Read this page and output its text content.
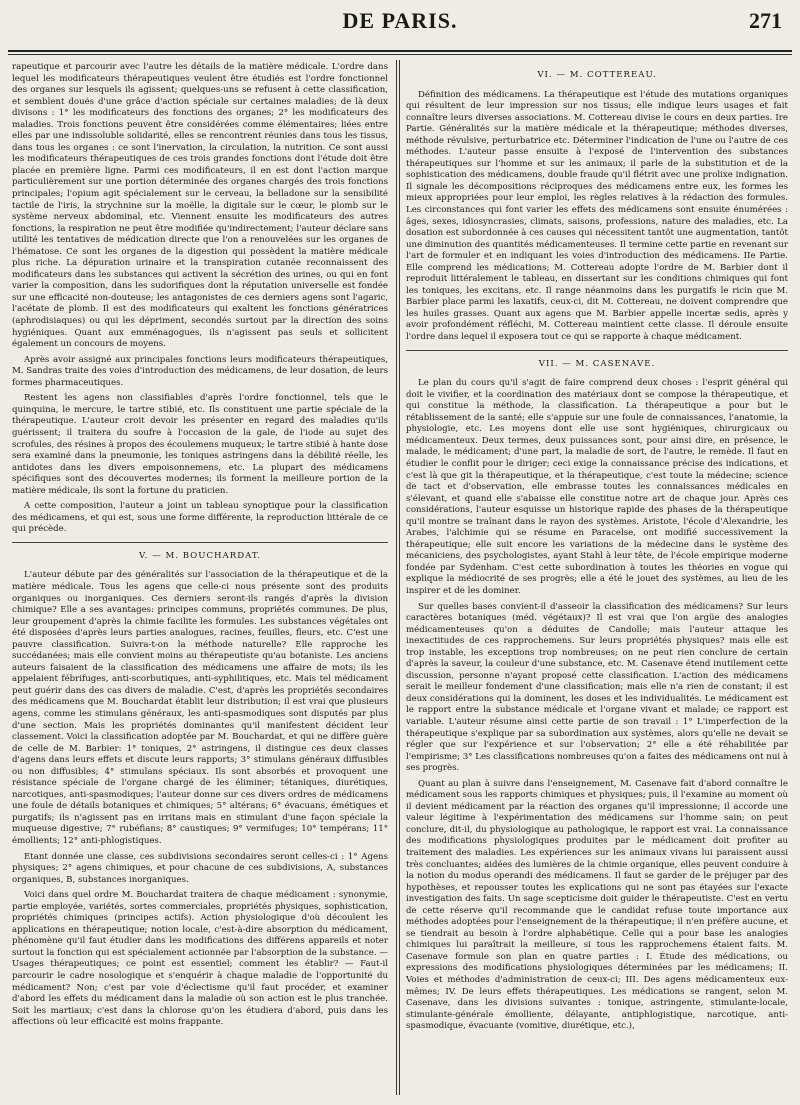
DE PARIS.	271

rapeutique et parcourir avec l'autre les détails de la matière médicale. L'ordre dans lequel les modificateurs thérapeutiques veulent être étudiés est l'ordre fonctionnel des organes sur lesquels ils agissent; quelques-uns se refusent à cette classification, et semblent doués d'une grâce d'action spéciale sur certaines maladies; de là deux divisons : 1° les modificateurs des fonctions des organes; 2° les modificateurs des maladies. Trois fonctions peuvent être considérées comme élémentaires; liées entre elles par une indissoluble solidarité, elles se rencontrent réunies dans tous les tissus, dans tous les organes : ce sont l'inervation, la circulation, la nutrition. Ce sont aussi les modificateurs thérapeutiques de ces trois grandes fonctions dont l'étude doit être placée en première ligne. Parmi ces modificateurs, il en est dont l'action marque particulièrement sur une portion déterminée des organes chargés des trois fonctions principales; l'opium agit spécialement sur le cerveau, la belladone sur la sensibilité tactile de l'iris, la strychnine sur la moëlle, la digitale sur le cœur, le plomb sur le système nerveux abdominal, etc. Viennent ensuite les modificateurs des autres fonctions, la respiration ne peut être modifiée qu'indirectement; l'auteur déclare sans utilité les tentatives de médication directe que l'on a renouvelées sur les organes de l'hématose. Ce sont les organes de la digestion qui possèdent la matière médicale plus riche. La dépuration urinaire et la transpiration cutanée reconnaissent des modificateurs dans les substances qui activent la sécrétion des urines, ou qui en font varier la composition, dans les sudorifiques dont la réputation universelle est fondée sur une efficacité non-douteuse; les antagonistes de ces derniers agens sont l'agaric, l'acétate de plomb. Il est des modificateurs qui exaltent les fonctions génératrices (aphrodisiaques) ou qui les dépriment, secondés surtout par la direction des soins hygiéniques. Quant aux emménagogues, ils n'agissent pas seuls et sollicitent également un concours de moyens.

Après avoir assigné aux principales fonctions leurs modificateurs thérapeutiques, M. Sandras traite des voies d'introduction des médicamens, de leur dosation, de leurs formes pharmaceutiques.

Restent les agens non classifiables d'après l'ordre fonctionnel, tels que le quinquina, le mercure, le tartre stibié, etc. Ils constituent une partie spéciale de la thérapeutique. L'auteur croit devoir les présenter en regard des maladies qu'ils guérissent; il traitera du soufre à l'occasion de la gale, de l'iode au sujet des scrofules, des résines à propos des écoulemens muqueux; le tartre stibié à hante dose sera examiné dans la pneumonie, les toniques astringens dans la débilité réelle, les antidotes dans les divers empoisonnemens, etc. La plupart des médicamens spécifiques sont des découvertes modernes; ils forment la meilleure portion de la matière médicale, ils sont la fortune du praticien.

A cette composition, l'auteur a joint un tableau synoptique pour la classification des médicamens, et qui est, sous une forme différente, la reproduction littérale de ce qui précède.

V. — M. BOUCHARDAT.

L'auteur débute par des généralités sur l'association de la thérapeutique et de la matière médicale. Tous les agens que celle-ci nous présente sont des produits organiques ou inorganiques. Ces derniers seront-ils rangés d'après la division chimique? Elle a ses avantages: principes communs, propriétés communes. De plus, leur groupement d'après la chimie facilite les formules. Les substances végétales ont été disposées d'après leurs parties analogues, racines, feuilles, fleurs, etc. C'est une pauvre classification. Suivra-t-on la méthode naturelle? Elle rapproche les succédanées; mais elle convient moins au thérapeutiste qu'au botaniste. Les anciens auteurs faisaient de la classification des médicamens une affaire de mots; ils les appelaient fébrifuges, anti-scorbutiques, anti-syphilitiques, etc. Mais tel médicament peut guérir dans des cas divers de maladie. C'est, d'après les propriétés secondaires des médicamens que M. Bouchardat établit leur distribution; il est vrai que plusieurs agens, comme les stimulans généraux, les anti-spasmodiques sont disputés par plus d'une section. Mais les propriétés dominantes qu'il manifestent décident leur classement. Voici la classification adoptée par M. Bouchardat, et qui ne diffère guère de celle de M. Barbier: 1° toniques, 2° astringens, il distingue ces deux classes d'agens dans leurs effets et discute leurs rapports; 3° stimulans généraux diffusibles ou non diffusibles; 4° stimulans spéciaux. Ils sont absorbés et provoquent une résistance spéciale de l'organe chargé de les éliminer; tétaniques, diurétiques, narcotiques, anti-spasmodiques; l'auteur donne sur ces divers ordres de médicamens une foule de détails botaniques et chimiques; 5° altérans; 6° évacuans, émétiques et purgatifs; ils n'agissent pas en irritans mais en stimulant d'une façon spéciale la muqueuse digestive; 7° rubéfians; 8° caustiques; 9° vermifuges; 10° tempérans; 11° émollients; 12° anti-phlogistiques.

Etant donnée une classe, ces subdivisions secondaires seront celles-ci : 1° Agens physiques; 2° agens chimiques, et pour chacune de ces subdivisions, A, substances organiques, B, substances inorganiques.

Voici dans quel ordre M. Bouchardat traitera de chaque médicament : synonymie, partie employée, variétés, sortes commerciales, propriétés physiques, sophistication, propriétés chimiques (principes actifs). Action physiologique d'où découlent les applications en thérapeutique; notion locale, c'est-à-dire absorption du médicament, phénomène qu'il faut étudier dans les modifications des différens appareils et noter surtout la fonction qui est spécialement actionnée par l'absorption de la substance. — Usages thérapeutiques; ce point est essentiel; comment les établir? — Faut-il parcourir le cadre nosologique et s'enquérir à chaque maladie de l'opportunité du médicament? Non; c'est par voie d'éclectisme qu'il faut procéder, et examiner d'abord les effets du médicament dans la maladie où son action est le plus tranchée. Soit les martiaux; c'est dans la chlorose qu'on les étudiera d'abord, puis dans les affections où leur efficacité est moins frappante.

VI. — M. COTTEREAU.

Définition des médicamens. La thérapeutique est l'étude des mutations organiques qui résultent de leur impression sur nos tissus; elle indique leurs usages et fait connaître leurs diverses associations. M. Cottereau divise le cours en deux parties. Ire Partie. Généralités sur la matière médicale et la thérapeutique; méthodes diverses, méthode révulsive, perturbatrice etc. Déterminer l'indication de l'une ou l'autre de ces méthodes. L'auteur passe ensuite à l'exposé de l'intervention des substances thérapeutiques sur l'homme et sur les animaux; il parle de la substitution et de la sophistication des médicamens, double fraude qu'il flétrit avec une prolixe indignation. Il signale les décompositions réciproques des médicamens entre eux, les formes les mieux appropriées pour leur emploi, les règles relatives à la rédaction des formules. Les circonstances qui font varier les effets des médicamens sont ensuite énumérées : âges, sexes, idiosyncrasies, climats, saisons, professions, nature des maladies, etc. La dosation est subordonnée à ces causes qui nécessitent tantôt une augmentation, tantôt une diminution des quantités médicamenteuses. Il termine cette partie en revenant sur l'art de formuler et en indiquant les voies d'introduction des médicamens. IIe Partie. Elle comprend les médications; M. Cottereau adopte l'ordre de M. Barbier dont il reproduit littéralement le tableau, en dissertant sur les conditions chimiques qui font les toniques, les excitans, etc. Il range néanmoins dans les purgatifs le ricin que M. Barbier place parmi les laxatifs, ceux-ci, dit M. Cottereau, ne doivent comprendre que les huiles grasses. Quant aux agens que M. Barbier appelle incertæ sedis, après y avoir profondément réfléchi, M. Cottereau maintient cette classe. Il déroule ensuite l'ordre dans lequel il exposera tout ce qui se rapporte à chaque médicament.

VII. — M. CASENAVE.

Le plan du cours qu'il s'agit de faire comprend deux choses : l'esprit général qui doit le vivifier, et la coordination des matériaux dont se compose la thérapeutique, et qui constitue la méthode, la classification. La thérapeutique a pour but le rétablissement de la santé; elle s'appuie sur une foule de connaissances, l'anatomie, la physiologie, etc. Les moyens dont elle use sont hygiéniques, chirurgicaux ou médicamenteux. Deux termes, deux puissances sont, pour ainsi dire, en présence, le malade, le médicament; d'une part, la maladie de sort, de l'autre, le remède. Il faut en étudier le conflit pour le diriger; ceci exige la connaissance précise des indications, et c'est là que git la thérapeutique, et la thérapeutique, c'est toute la médecine; science de tact et d'observation, elle embrasse toutes les connaissances médicales en s'élevant, et quand elle s'abaisse elle constitue notre art de chaque jour. Après ces considérations, l'auteur esquisse un historique rapide des phases de la thérapeutique qu'il montre se traînant dans le rayon des systèmes. Aristote, l'école d'Alexandrie, les Arabes, l'alchimie qui se résume en Paracelse, ont modifié successivement la thérapeutique; elle suit encore les variations de la médecine dans le système des mécaniciens, des psychologistes, ayant Stahl à leur tête, de l'école empirique moderne fondée par Sydenham. C'est cette subordination à toutes les théories en vogue qui explique la médiocrité de ses progrès; elle a été le jouet des systèmes, au lieu de les inspirer et de les dominer.

Sur quelles bases convient-il d'asseoir la classification des médicamens? Sur leurs caractères botaniques (méd. végétaux)? Il est vrai que l'on argüe des analogies médicamenteuses qu'on a déduites de Candolle; mais l'auteur attaque les inexactitudes de ces rapprochemens. Sur leurs propriétés physiques? mais elle est trop instable, les exceptions trop nombreuses; on ne peut rien conclure de certain d'après la saveur, la couleur d'une substance, etc. M. Casenave étend inutilement cette discussion, personne n'ayant proposé cette classification. L'action des médicamens serait le meilleur fondement d'une classification; mais elle n'a rien de constant; il est deux considérations qui la dominent, les doses et les individualités. Le médicament est le rapport entre la substance médicale et l'organe vivant et malade; ce rapport est variable. L'auteur résume ainsi cette partie de son travail : 1° L'imperfection de la thérapeutique s'explique par sa subordination aux systèmes, alors qu'elle ne devait se régler que sur l'expérience et sur l'observation; 2° elle a été réhabilitée par l'empirisme; 3° Les classifications nombreuses qu'on a faites des médicamens ont nui à ses progrès.

Quant au plan à suivre dans l'enseignement, M. Casenave fait d'abord connaître le médicament sous les rapports chimiques et physiques; puis, il l'examine au moment où il devient médicament par la réaction des organes qu'il impressionne; il accorde une valeur légitime à l'expérimentation des médicamens sur l'homme sain; on peut conclure, dit-il, du physiologique au pathologique, le rapport est vrai. La connaissance des modifications physiologiques produites par le médicament doit profiter au traitement des maladies. Les expériences sur les animaux vivans lui paraissent aussi très concluantes; aidées des lumières de la chimie organique, elles peuvent conduire à la notion du modus operandi des médicamens. Il faut se garder de le préjuger par des hypothèses, et repousser toutes les explications qui ne sont pas étayées sur l'exacte investigation des faits. Un sage scepticisme doit guider le thérapeutiste. C'est en vertu de cette réserve qu'il recommande que le candidat refuse toute importance aux méthodes adoptées pour l'enseignement de la thérapeutique; il n'en préfère aucune, et se tiendrait au besoin à l'ordre alphabétique. Celle qui a pour base les analogies chimiques lui paraîtrait la meilleure, si tous les rapprochemens étaient faits. M. Casenave formule son plan en quatre parties : I. Étude des médications, ou expressions des modifications physiologiques déterminées par les médicamens; II. Voies et méthodes d'administration de ceux-ci; III. Des agens médicamenteux eux-mêmes; IV. De leurs effets thérapeutiques. Les médications se rangent, selon M. Casenave, dans les divisions suivantes : tonique, astringente, stimulante-locale, stimulante-générale émolliente, délayante, antiphlogistique, narcotique, anti-spasmodique, évacuante (vomitive, diurétique, etc.),
